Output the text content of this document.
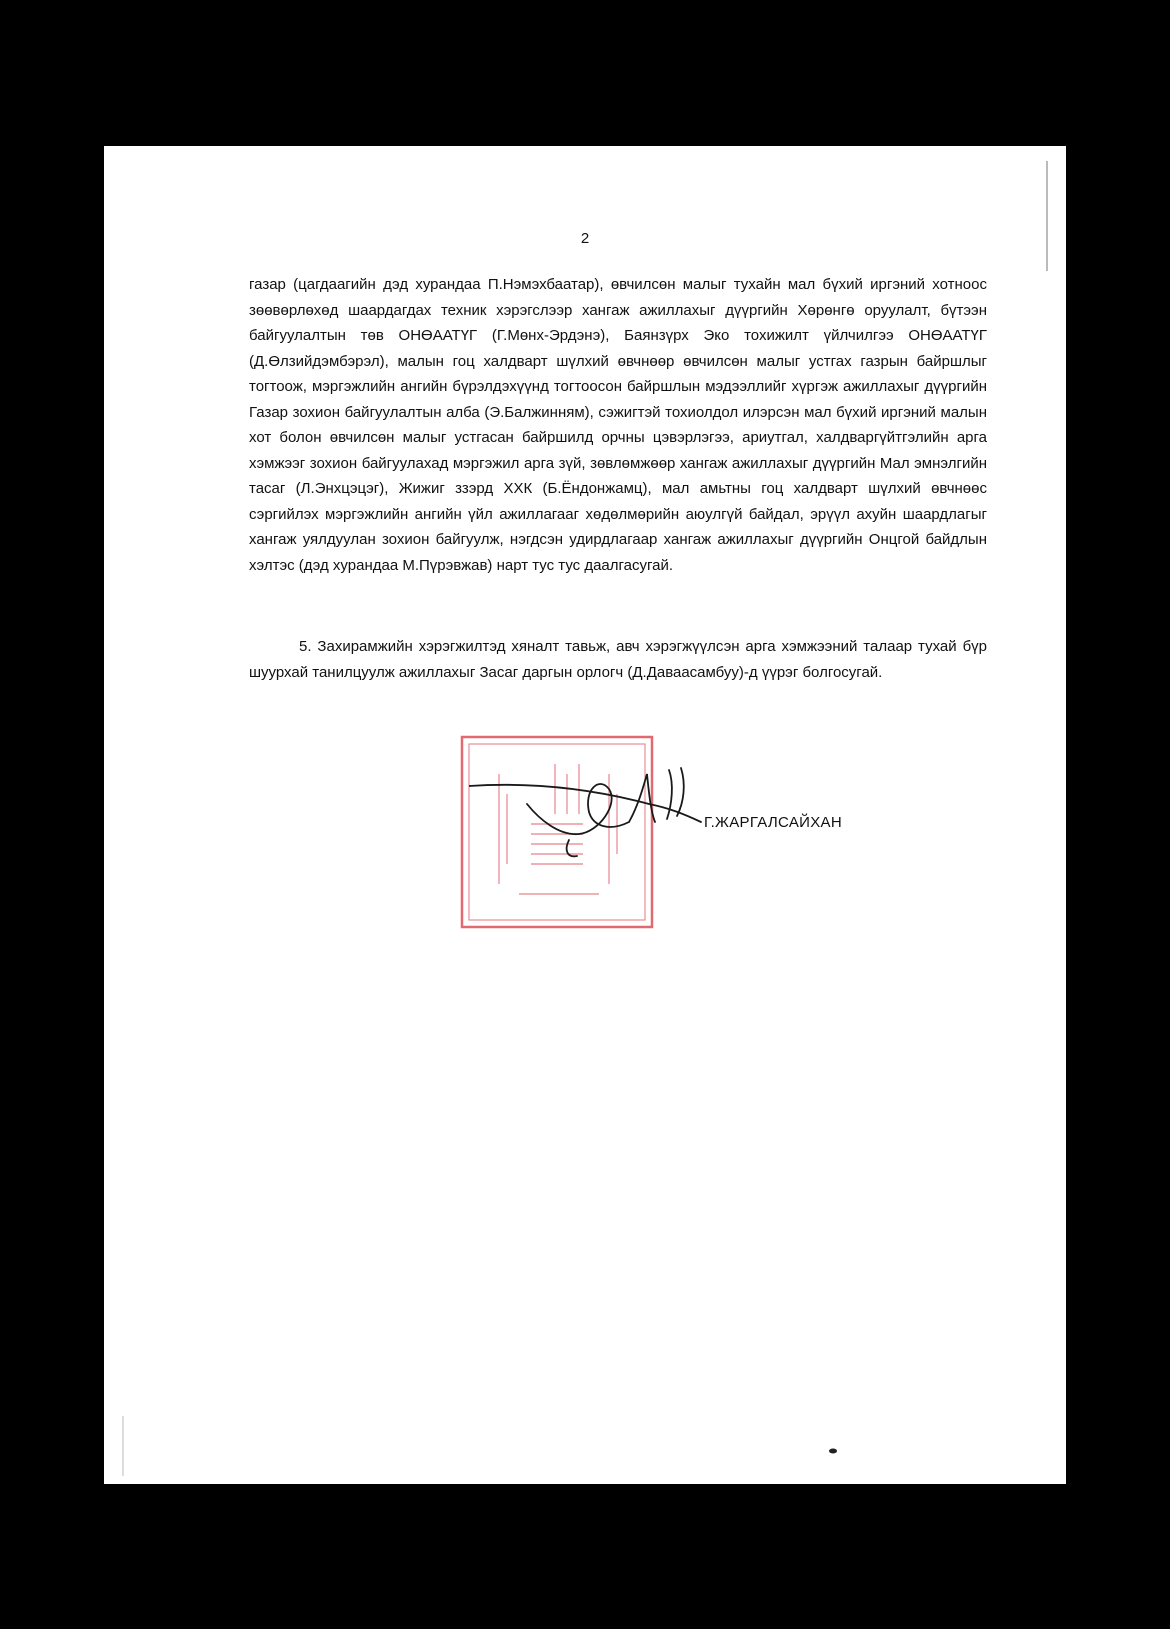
2

газар (цагдаагийн дэд хурандаа П.Нэмэхбаатар), өвчилсөн малыг тухайн мал бүхий иргэний хотноос зөөвөрлөхөд шаардагдах техник хэрэгслээр хангаж ажиллахыг дүүргийн Хөрөнгө оруулалт, бүтээн байгуулалтын төв ОНӨААТҮГ (Г.Мөнх-Эрдэнэ), Баянзүрх Эко тохижилт үйлчилгээ ОНӨААТҮГ (Д.Өлзийдэмбэрэл), малын гоц халдварт шүлхий өвчнөөр өвчилсөн малыг устгах газрын байршлыг тогтоож, мэргэжлийн ангийн бүрэлдэхүүнд тогтоосон байршлын мэдээллийг хүргэж ажиллахыг дүүргийн Газар зохион байгуулалтын алба (Э.Балжинням), сэжигтэй тохиолдол илэрсэн мал бүхий иргэний малын хот болон өвчилсөн малыг устгасан байршилд орчны цэвэрлэгээ, ариутгал, халдваргүйтгэлийн арга хэмжээг зохион байгуулахад мэргэжил арга зүй, зөвлөмжөөр хангаж ажиллахыг дүүргийн Мал эмнэлгийн тасаг (Л.Энхцэцэг), Жижиг ззэрд ХХК (Б.Ёндонжамц), мал амьтны гоц халдварт шүлхий өвчнөөс сэргийлэх мэргэжлийн ангийн үйл ажиллагааг хөдөлмөрийн аюулгүй байдал, эрүүл ахуйн шаардлагыг хангаж уялдуулан зохион байгуулж, нэгдсэн удирдлагаар хангаж ажиллахыг дүүргийн Онцгой байдлын хэлтэс (дэд хурандаа М.Пүрэвжав) нарт тус тус даалгасугай.

5. Захирамжийн хэрэгжилтэд хяналт тавьж, авч хэрэгжүүлсэн арга хэмжээний талаар тухай бүр шуурхай танилцуулж ажиллахыг Засаг даргын орлогч (Д.Даваасамбуу)-д үүрэг болгосугай.

Г.ЖАРГАЛСАЙХАН
